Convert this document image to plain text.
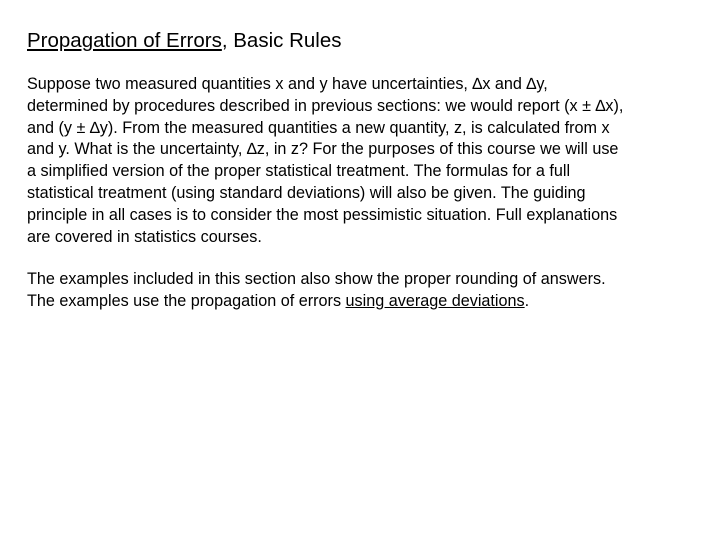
Propagation of Errors, Basic Rules

Suppose two measured quantities x and y have uncertainties, ∆x and ∆y,
determined by procedures described in previous sections: we would report (x ± ∆x),
and (y ± ∆y). From the measured quantities a new quantity, z, is calculated from x
and y. What is the uncertainty, ∆z, in z? For the purposes of this course we will use
a simplified version of the proper statistical treatment. The formulas for a full
statistical treatment (using standard deviations) will also be given. The guiding
principle in all cases is to consider the most pessimistic situation. Full explanations
are covered in statistics courses.

The examples included in this section also show the proper rounding of answers.
The examples use the propagation of errors using average deviations.
